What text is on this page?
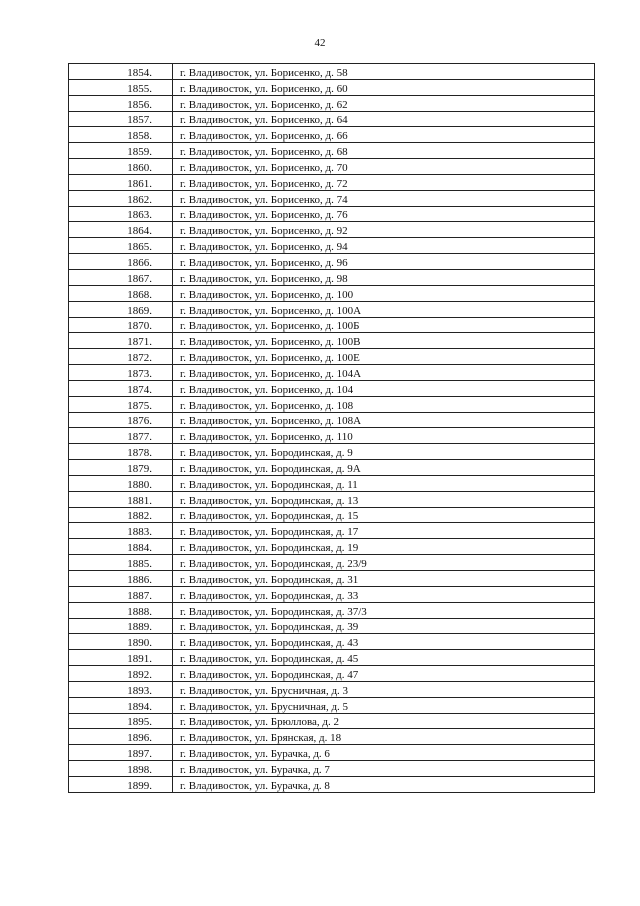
42
1854.	г. Владивосток, ул. Борисенко, д. 58
1855.	г. Владивосток, ул. Борисенко, д. 60
1856.	г. Владивосток, ул. Борисенко, д. 62
1857.	г. Владивосток, ул. Борисенко, д. 64
1858.	г. Владивосток, ул. Борисенко, д. 66
1859.	г. Владивосток, ул. Борисенко, д. 68
1860.	г. Владивосток, ул. Борисенко, д. 70
1861.	г. Владивосток, ул. Борисенко, д. 72
1862.	г. Владивосток, ул. Борисенко, д. 74
1863.	г. Владивосток, ул. Борисенко, д. 76
1864.	г. Владивосток, ул. Борисенко, д. 92
1865.	г. Владивосток, ул. Борисенко, д. 94
1866.	г. Владивосток, ул. Борисенко, д. 96
1867.	г. Владивосток, ул. Борисенко, д. 98
1868.	г. Владивосток, ул. Борисенко, д. 100
1869.	г. Владивосток, ул. Борисенко, д. 100А
1870.	г. Владивосток, ул. Борисенко, д. 100Б
1871.	г. Владивосток, ул. Борисенко, д. 100В
1872.	г. Владивосток, ул. Борисенко, д. 100Е
1873.	г. Владивосток, ул. Борисенко, д. 104А
1874.	г. Владивосток, ул. Борисенко, д. 104
1875.	г. Владивосток, ул. Борисенко, д. 108
1876.	г. Владивосток, ул. Борисенко, д. 108А
1877.	г. Владивосток, ул. Борисенко, д. 110
1878.	г. Владивосток, ул. Бородинская, д. 9
1879.	г. Владивосток, ул. Бородинская, д. 9А
1880.	г. Владивосток, ул. Бородинская, д. 11
1881.	г. Владивосток, ул. Бородинская, д. 13
1882.	г. Владивосток, ул. Бородинская, д. 15
1883.	г. Владивосток, ул. Бородинская, д. 17
1884.	г. Владивосток, ул. Бородинская, д. 19
1885.	г. Владивосток, ул. Бородинская, д. 23/9
1886.	г. Владивосток, ул. Бородинская, д. 31
1887.	г. Владивосток, ул. Бородинская, д. 33
1888.	г. Владивосток, ул. Бородинская, д. 37/3
1889.	г. Владивосток, ул. Бородинская, д. 39
1890.	г. Владивосток, ул. Бородинская, д. 43
1891.	г. Владивосток, ул. Бородинская, д. 45
1892.	г. Владивосток, ул. Бородинская, д. 47
1893.	г. Владивосток, ул. Брусничная, д. 3
1894.	г. Владивосток, ул. Брусничная, д. 5
1895.	г. Владивосток, ул. Брюллова, д. 2
1896.	г. Владивосток, ул. Брянская, д. 18
1897.	г. Владивосток, ул. Бурачка, д. 6
1898.	г. Владивосток, ул. Бурачка, д. 7
1899.	г. Владивосток, ул. Бурачка, д. 8
